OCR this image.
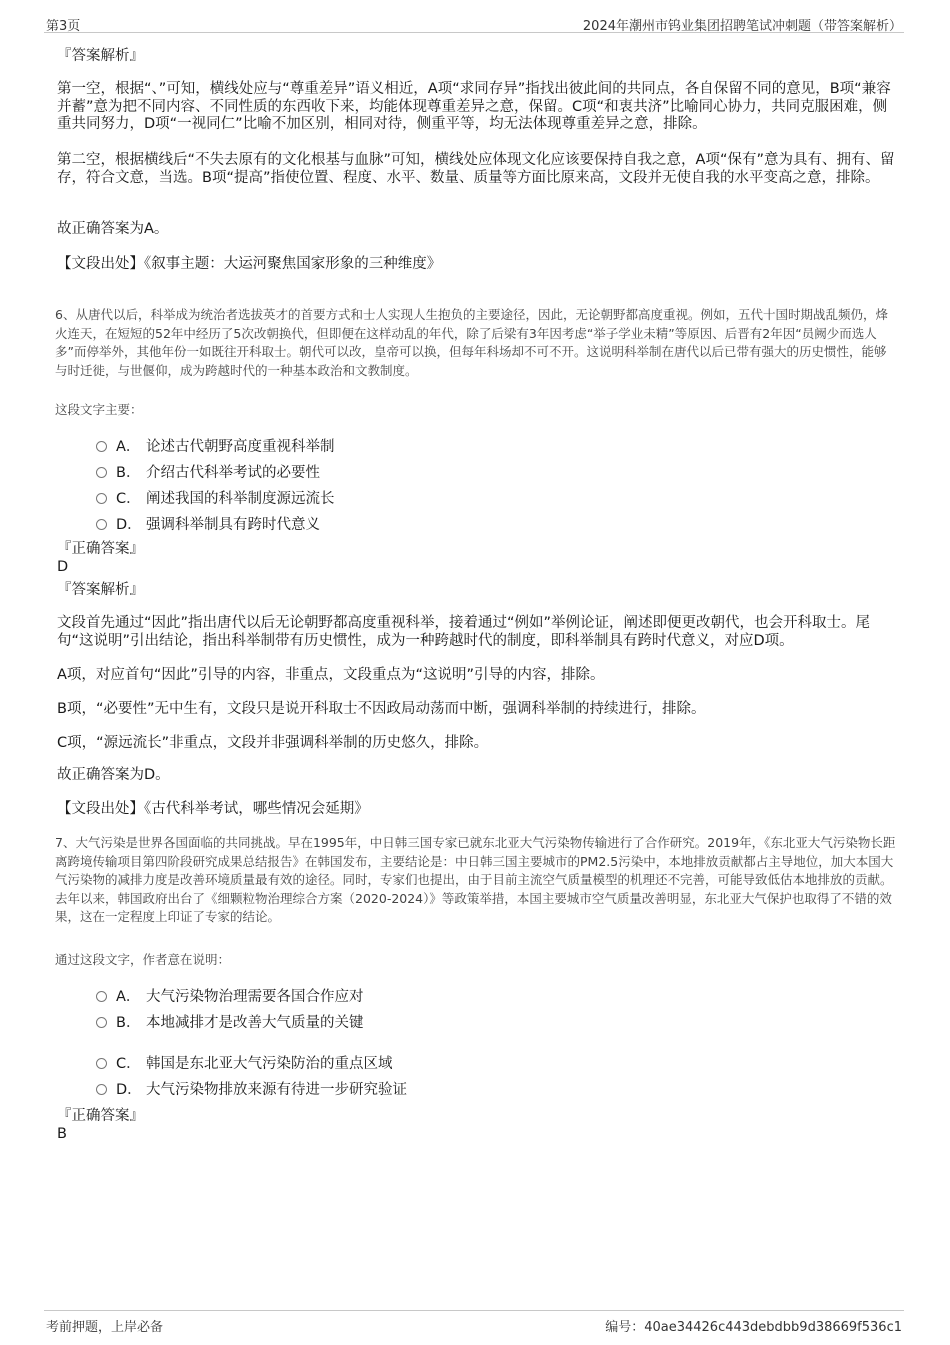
第3页	2024年潮州市钨业集团招聘笔试冲刺题（带答案解析）
『答案解析』

第一空，根据“、”可知，横线处应与“尊重差异”语义相近，A项“求同存异”指找出彼此间的共同点，各自保留不同的意见，B项“兼容并蓄”意为把不同内容、不同性质的东西收下来，均能体现尊重差异之意，保留。C项“和衷共济”比喻同心协力，共同克服困难，侧重共同努力，D项“一视同仁”比喻不加区别，相同对待，侧重平等，均无法体现尊重差异之意，排除。

第二空，根据横线后“不失去原有的文化根基与血脉”可知，横线处应体现文化应该要保持自我之意，A项“保有”意为具有、拥有、留存，符合文意，当选。B项“提高”指使位置、程度、水平、数量、质量等方面比原来高，文段并无使自我的水平变高之意，排除。

故正确答案为A。
【文段出处】《叙事主题：大运河聚焦国家形象的三种维度》

6、从唐代以后，科举成为统治者选拔英才的首要方式和士人实现人生抱负的主要途径，因此，无论朝野都高度重视。例如，五代十国时期战乱频仍，烽火连天，在短短的52年中经历了5次改朝换代，但即便在这样动乱的年代，除了后梁有3年因考虑“举子学业未精”等原因、后晋有2年因“员阙少而选人多”而停举外，其他年份一如既往开科取士。朝代可以改，皇帝可以换，但每年科场却不可不开。这说明科举制在唐代以后已带有强大的历史惯性，能够与时迁徙，与世偃仰，成为跨越时代的一种基本政治和文教制度。

这段文字主要：
A． 论述古代朝野高度重视科举制
B． 介绍古代科举考试的必要性
C． 阐述我国的科举制度源远流长
D． 强调科举制具有跨时代意义
『正确答案』
D
『答案解析』

文段首先通过“因此”指出唐代以后无论朝野都高度重视科举，接着通过“例如”举例论证，阐述即便更改朝代，也会开科取士。尾句“这说明”引出结论，指出科举制带有历史惯性，成为一种跨越时代的制度，即科举制具有跨时代意义，对应D项。

A项，对应首句“因此”引导的内容，非重点，文段重点为“这说明”引导的内容，排除。
B项，“必要性”无中生有，文段只是说开科取士不因政局动荡而中断，强调科举制的持续进行，排除。
C项，“源远流长”非重点，文段并非强调科举制的历史悠久，排除。
故正确答案为D。
【文段出处】《古代科举考试，哪些情况会延期》

7、大气污染是世界各国面临的共同挑战。早在1995年，中日韩三国专家已就东北亚大气污染物传输进行了合作研究。2019年，《东北亚大气污染物长距离跨境传输项目第四阶段研究成果总结报告》在韩国发布，主要结论是：中日韩三国主要城市的PM2.5污染中，本地排放贡献都占主导地位，加大本国大气污染物的减排力度是改善环境质量最有效的途径。同时，专家们也提出，由于目前主流空气质量模型的机理还不完善，可能导致低估本地排放的贡献。去年以来，韩国政府出台了《细颗粒物治理综合方案（2020-2024）》等政策举措，本国主要城市空气质量改善明显，东北亚大气保护也取得了不错的效果，这在一定程度上印证了专家的结论。

通过这段文字，作者意在说明：
A． 大气污染物治理需要各国合作应对
B． 本地减排才是改善大气质量的关键
C． 韩国是东北亚大气污染防治的重点区域
D． 大气污染物排放来源有待进一步研究验证
『正确答案』
B
考前押题，上岸必备	编号：40ae34426c443debdbb9d38669f536c1
